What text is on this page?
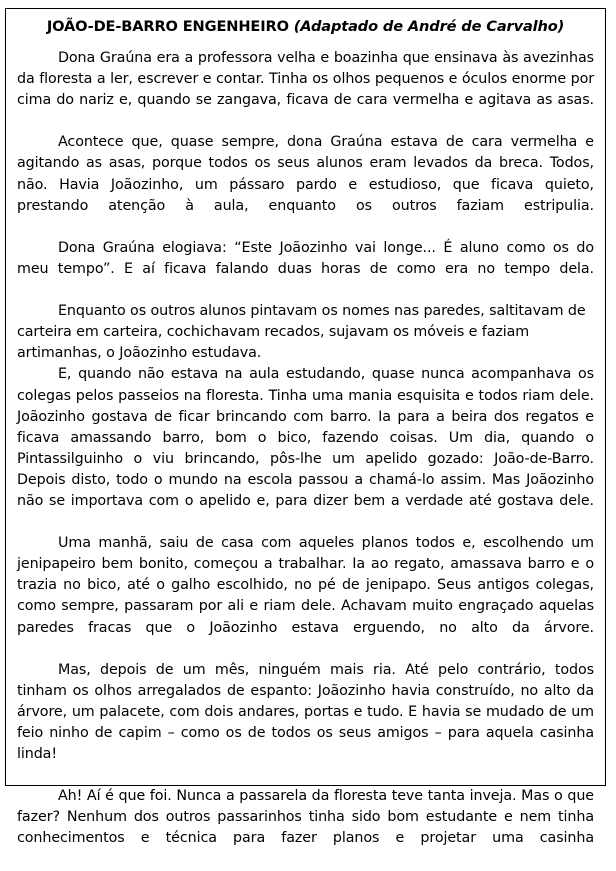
JOÃO-DE-BARRO ENGENHEIRO (Adaptado de André de Carvalho)

Dona Graúna era a professora velha e boazinha que ensinava às avezinhas da floresta a ler, escrever e contar. Tinha os olhos pequenos e óculos enorme por cima do nariz e, quando se zangava, ficava de cara vermelha e agitava as asas.

Acontece que, quase sempre, dona Graúna estava de cara vermelha e agitando as asas, porque todos os seus alunos eram levados da breca. Todos, não. Havia Joãozinho, um pássaro pardo e estudioso, que ficava quieto, prestando atenção à aula, enquanto os outros faziam estripulia.

Dona Graúna elogiava: “Este Joãozinho vai longe... É aluno como os do meu tempo”. E aí ficava falando duas horas de como era no tempo dela.

Enquanto os outros alunos pintavam os nomes nas paredes, saltitavam de carteira em carteira, cochichavam recados, sujavam os móveis e faziam artimanhas, o Joãozinho estudava.

E, quando não estava na aula estudando, quase nunca acompanhava os colegas pelos passeios na floresta. Tinha uma mania esquisita e todos riam dele. Joãozinho gostava de ficar brincando com barro. Ia para a beira dos regatos e ficava amassando barro, bom o bico, fazendo coisas. Um dia, quando o Pintassilguinho o viu brincando, pôs-lhe um apelido gozado: João-de-Barro. Depois disto, todo o mundo na escola passou a chamá-lo assim. Mas Joãozinho não se importava com o apelido e, para dizer bem a verdade até gostava dele.

Uma manhã, saiu de casa com aqueles planos todos e, escolhendo um jenipapeiro bem bonito, começou a trabalhar. Ia ao regato, amassava barro e o trazia no bico, até o galho escolhido, no pé de jenipapo. Seus antigos colegas, como sempre, passaram por ali e riam dele. Achavam muito engraçado aquelas paredes fracas que o Joãozinho estava erguendo, no alto da árvore.

Mas, depois de um mês, ninguém mais ria. Até pelo contrário, todos tinham os olhos arregalados de espanto: Joãozinho havia construído, no alto da árvore, um palacete, com dois andares, portas e tudo. E havia se mudado de um feio ninho de capim – como os de todos os seus amigos – para aquela casinha linda!

Ah! Aí é que foi. Nunca a passarela da floresta teve tanta inveja. Mas o que fazer? Nenhum dos outros passarinhos tinha sido bom estudante e nem tinha conhecimentos e técnica para fazer planos e projetar uma casinha
